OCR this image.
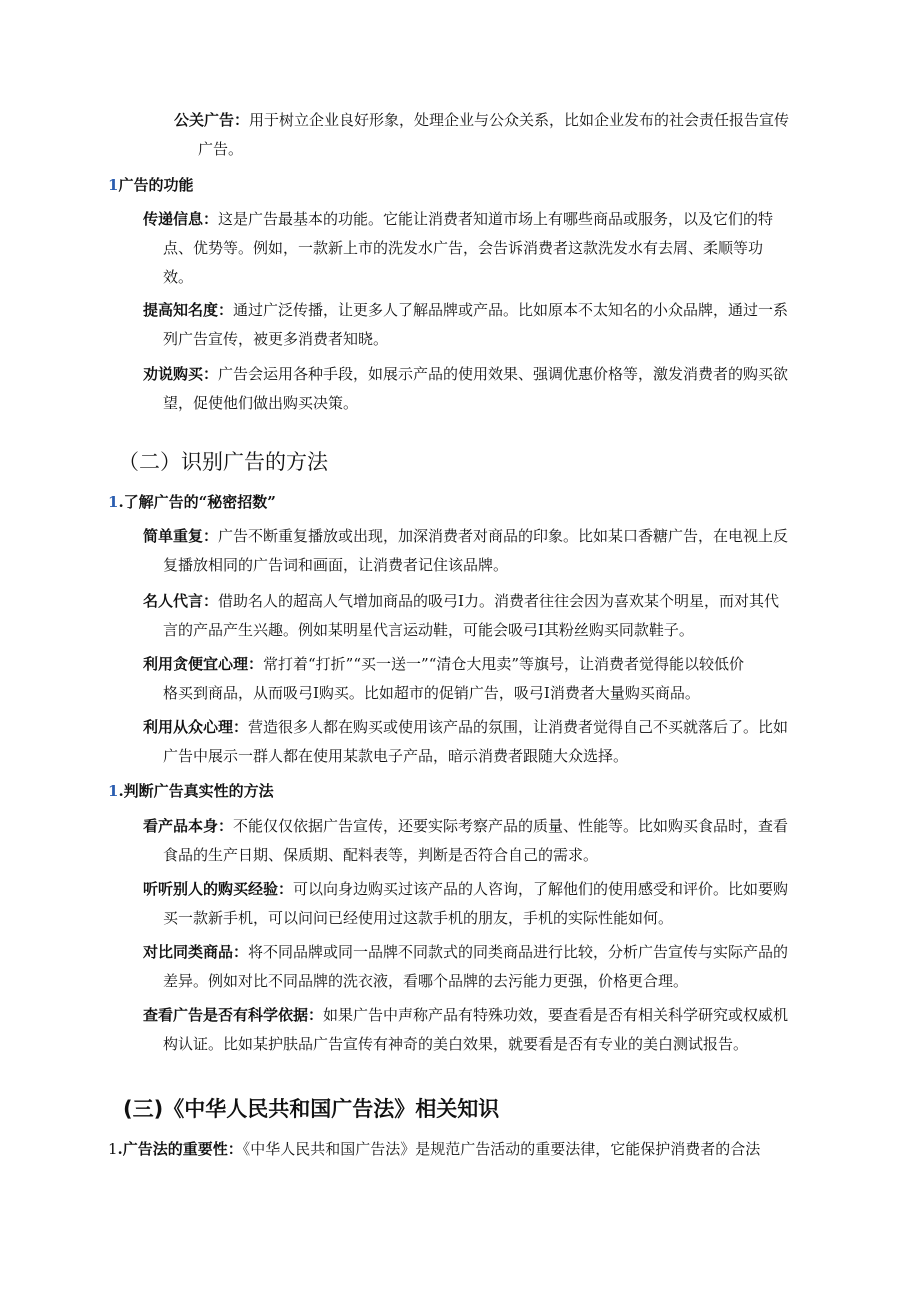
公关广告：用于树立企业良好形象，处理企业与公众关系，比如企业发布的社会责任报告宣传
广告。
1广告的功能
传递信息：这是广告最基本的功能。它能让消费者知道市场上有哪些商品或服务，以及它们的特
点、优势等。例如，一款新上市的洗发水广告，会告诉消费者这款洗发水有去屑、柔顺等功
效。
提高知名度：通过广泛传播，让更多人了解品牌或产品。比如原本不太知名的小众品牌，通过一系
列广告宣传，被更多消费者知晓。
劝说购买：广告会运用各种手段，如展示产品的使用效果、强调优惠价格等，激发消费者的购买欲
望，促使他们做出购买决策。
（二）识别广告的方法
1.了解广告的“秘密招数”
简单重复：广告不断重复播放或出现，加深消费者对商品的印象。比如某口香糖广告，在电视上反
复播放相同的广告词和画面，让消费者记住该品牌。
名人代言：借助名人的超高人气增加商品的吸弓I力。消费者往往会因为喜欢某个明星，而对其代
言的产品产生兴趣。例如某明星代言运动鞋，可能会吸弓I其粉丝购买同款鞋子。
利用贪便宜心理：常打着“打折”“买一送一”“清仓大甩卖”等旗号，让消费者觉得能以较低价
格买到商品，从而吸弓I购买。比如超市的促销广告，吸弓I消费者大量购买商品。
利用从众心理：营造很多人都在购买或使用该产品的氛围，让消费者觉得自己不买就落后了。比如
广告中展示一群人都在使用某款电子产品，暗示消费者跟随大众选择。
1.判断广告真实性的方法
看产品本身：不能仅仅依据广告宣传，还要实际考察产品的质量、性能等。比如购买食品时，查看
食品的生产日期、保质期、配料表等，判断是否符合自己的需求。
听听别人的购买经验：可以向身边购买过该产品的人咨询，了解他们的使用感受和评价。比如要购
买一款新手机，可以问问已经使用过这款手机的朋友，手机的实际性能如何。
对比同类商品：将不同品牌或同一品牌不同款式的同类商品进行比较，分析广告宣传与实际产品的
差异。例如对比不同品牌的洗衣液，看哪个品牌的去污能力更强，价格更合理。
查看广告是否有科学依据：如果广告中声称产品有特殊功效，要查看是否有相关科学研究或权威机
构认证。比如某护肤品广告宣传有神奇的美白效果，就要看是否有专业的美白测试报告。
(三)《中华人民共和国广告法》相关知识
1.广告法的重要性：《中华人民共和国广告法》是规范广告活动的重要法律，它能保护消费者的合法
